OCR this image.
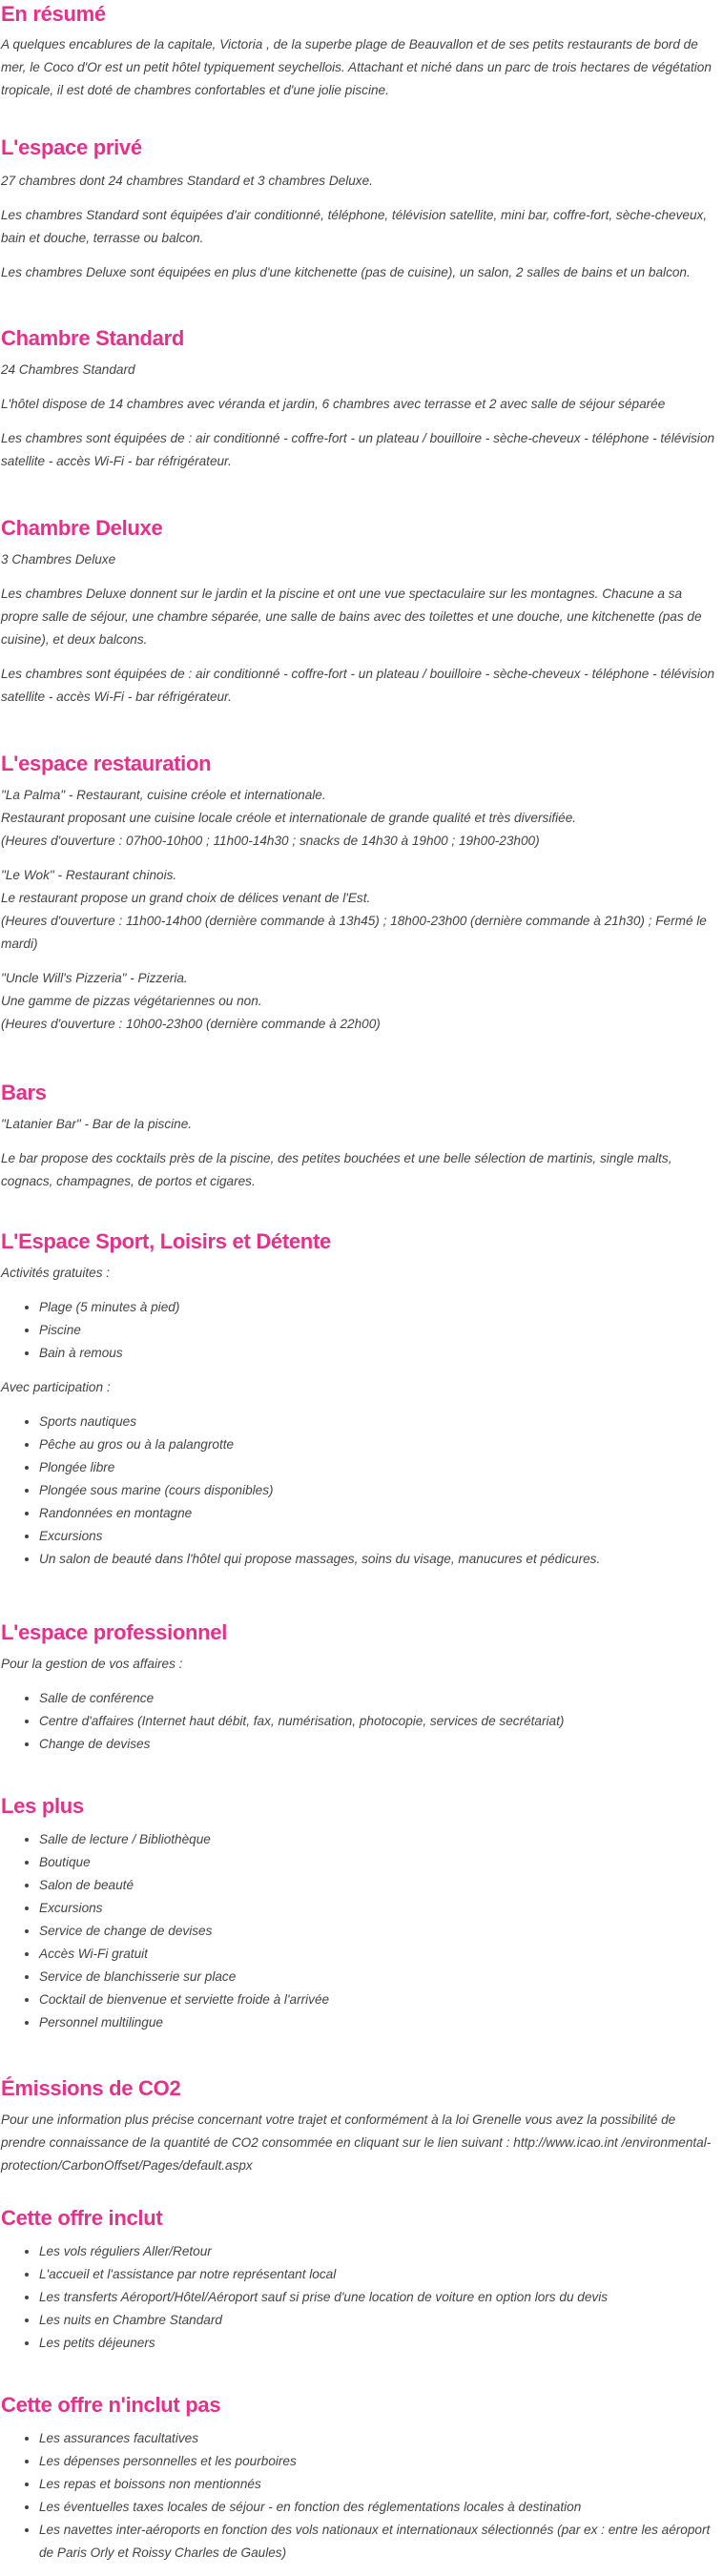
En résumé

A quelques encablures de la capitale, Victoria , de la superbe plage de Beauvallon et de ses petits restaurants de bord de mer, le Coco d'Or est un petit hôtel typiquement seychellois. Attachant et niché dans un parc de trois hectares de végétation tropicale, il est doté de chambres confortables et d'une jolie piscine.

L'espace privé

27 chambres dont 24 chambres Standard et 3 chambres Deluxe.

Les chambres Standard sont équipées d'air conditionné, téléphone, télévision satellite, mini bar, coffre-fort, sèche-cheveux, bain et douche, terrasse ou balcon.

Les chambres Deluxe sont équipées en plus d'une kitchenette (pas de cuisine), un salon, 2 salles de bains et un balcon.

Chambre Standard

24 Chambres Standard

L'hôtel dispose de 14 chambres avec véranda et jardin, 6 chambres avec terrasse et 2 avec salle de séjour séparée

Les chambres sont équipées de : air conditionné - coffre-fort - un plateau / bouilloire - sèche-cheveux - téléphone - télévision satellite - accès Wi-Fi - bar réfrigérateur.

Chambre Deluxe

3 Chambres Deluxe

Les chambres Deluxe donnent sur le jardin et la piscine et ont une vue spectaculaire sur les montagnes. Chacune a sa propre salle de séjour, une chambre séparée, une salle de bains avec des toilettes et une douche, une kitchenette (pas de cuisine), et deux balcons.

Les chambres sont équipées de : air conditionné - coffre-fort - un plateau / bouilloire - sèche-cheveux - téléphone - télévision satellite - accès Wi-Fi - bar réfrigérateur.

L'espace restauration

"La Palma" - Restaurant, cuisine créole et internationale.

Restaurant proposant une cuisine locale créole et internationale de grande qualité et très diversifiée.

(Heures d'ouverture : 07h00-10h00 ; 11h00-14h30 ; snacks de 14h30 à 19h00 ; 19h00-23h00)

"Le Wok" - Restaurant chinois.

Le restaurant propose un grand choix de délices venant de l'Est.

(Heures d'ouverture : 11h00-14h00 (dernière commande à 13h45) ; 18h00-23h00 (dernière commande à 21h30) ; Fermé le mardi)

"Uncle Will's Pizzeria" - Pizzeria.

Une gamme de pizzas végétariennes ou non.

(Heures d'ouverture : 10h00-23h00 (dernière commande à 22h00)

Bars

"Latanier Bar" - Bar de la piscine.

Le bar propose des cocktails près de la piscine, des petites bouchées et une belle sélection de martinis, single malts, cognacs, champagnes, de portos et cigares.

L'Espace Sport, Loisirs et Détente

Activités gratuites :

• Plage (5 minutes à pied)
• Piscine
• Bain à remous

Avec participation :

• Sports nautiques
• Pêche au gros ou à la palangrotte
• Plongée libre
• Plongée sous marine (cours disponibles)
• Randonnées en montagne
• Excursions
• Un salon de beauté dans l'hôtel qui propose massages, soins du visage, manucures et pédicures.
L'espace professionnel

Pour la gestion de vos affaires :

• Salle de conférence
• Centre d'affaires (Internet haut débit, fax, numérisation, photocopie, services de secrétariat)
• Change de devises
Les plus
• Salle de lecture / Bibliothèque
• Boutique
• Salon de beauté
• Excursions
• Service de change de devises
• Accès Wi-Fi gratuit
• Service de blanchisserie sur place
• Cocktail de bienvenue et serviette froide à l'arrivée
• Personnel multilingue
Émissions de CO2

Pour une information plus précise concernant votre trajet et conformément à la loi Grenelle vous avez la possibilité de prendre connaissance de la quantité de CO2 consommée en cliquant sur le lien suivant : http://www.icao.int /environmental-protection/CarbonOffset/Pages/default.aspx

Cette offre inclut
• Les vols réguliers Aller/Retour
• L'accueil et l'assistance par notre représentant local
• Les transferts Aéroport/Hôtel/Aéroport sauf si prise d'une location de voiture en option lors du devis
• Les nuits en Chambre Standard
• Les petits déjeuners
Cette offre n'inclut pas
• Les assurances facultatives
• Les dépenses personnelles et les pourboires
• Les repas et boissons non mentionnés
• Les éventuelles taxes locales de séjour - en fonction des réglementations locales à destination
• Les navettes inter-aéroports en fonction des vols nationaux et internationaux sélectionnés (par ex : entre les aéroport de Paris Orly et Roissy Charles de Gaules)
